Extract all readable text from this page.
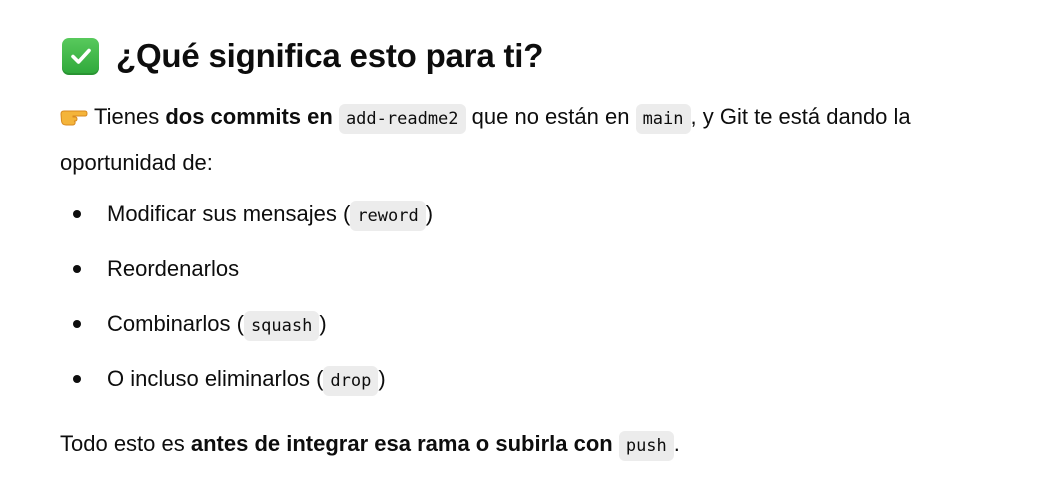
¿Qué significa esto para ti?
Tienes dos commits en add-readme2 que no están en main , y Git te está dando la oportunidad de:
Modificar sus mensajes ( reword )
Reordenarlos
Combinarlos ( squash )
O incluso eliminarlos ( drop )
Todo esto es antes de integrar esa rama o subirla con push .
